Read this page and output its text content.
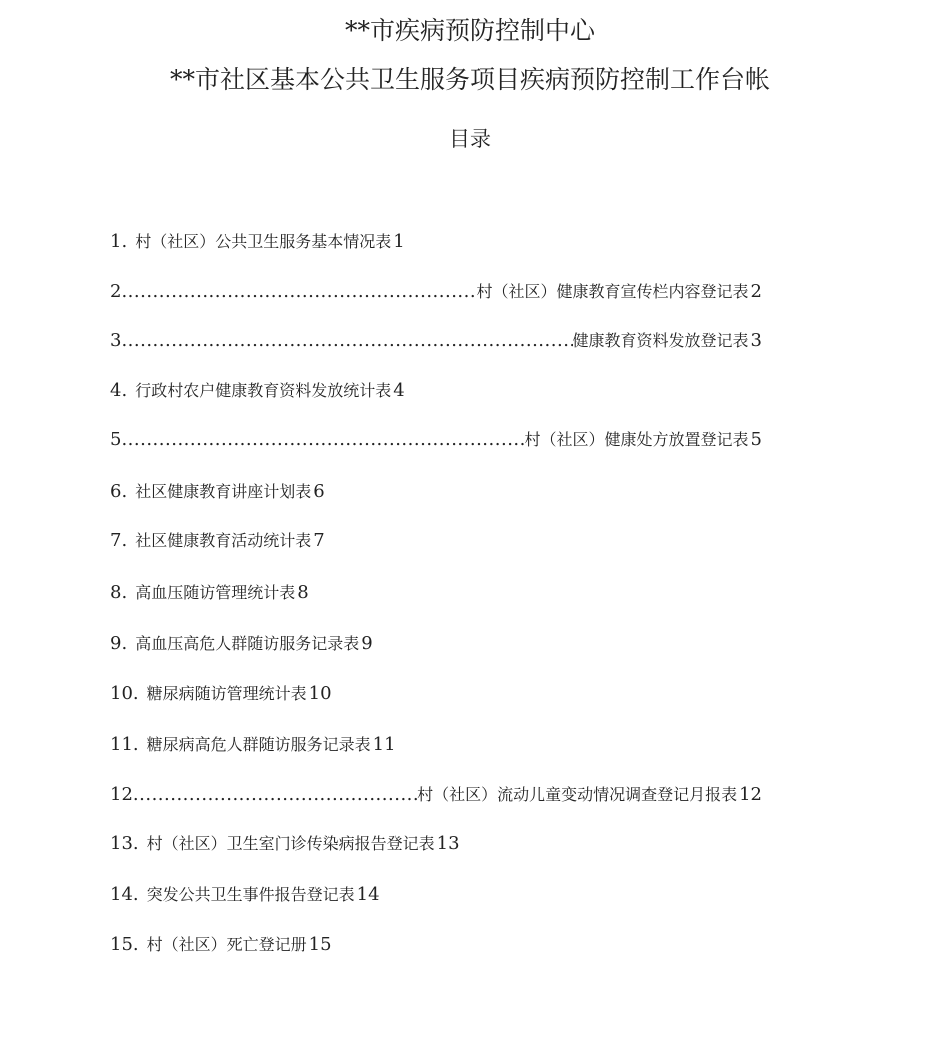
**市疾病预防控制中心
**市社区基本公共卫生服务项目疾病预防控制工作台帐
目录
1. 村（社区）公共卫生服务基本情况表 1
2 .....	村（社区）健康教育宣传栏内容登记表 2
3 .....	健康教育资料发放登记表 3
4. 行政村农户健康教育资料发放统计表 4
5 .....	村（社区）健康处方放置登记表 5
6. 社区健康教育讲座计划表 6
7. 社区健康教育活动统计表 7
8. 高血压随访管理统计表 8
9. 高血压高危人群随访服务记录表 9
10. 糖尿病随访管理统计表 10
11. 糖尿病高危人群随访服务记录表 11
12 .....	村（社区）流动儿童变动情况调查登记月报表 12
13. 村（社区）卫生室门诊传染病报告登记表 13
14. 突发公共卫生事件报告登记表 14
15. 村（社区）死亡登记册 15
